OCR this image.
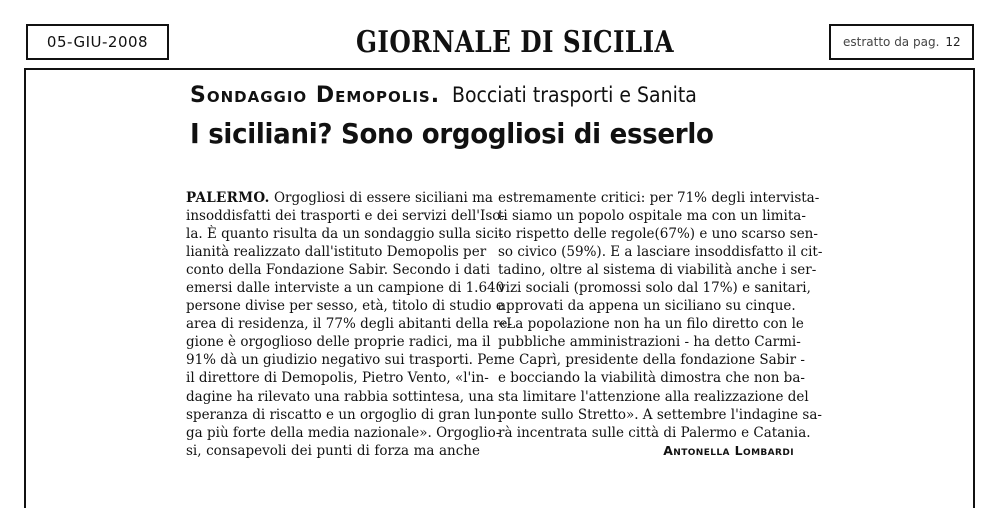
05-GIU-2008	GIORNALE DI SICILIA	estratto da pag. 12
Sondaggio Demopolis. Bocciati trasporti e Sanita
I siciliani? Sono orgogliosi di esserlo

PALERMO. Orgogliosi di essere siciliani ma

insoddisfatti dei trasporti e dei servizi dell'Iso-

la. È quanto risulta da un sondaggio sulla sici-

lianità realizzato dall'istituto Demopolis per

conto della Fondazione Sabir. Secondo i dati

emersi dalle interviste a un campione di 1.640

persone divise per sesso, età, titolo di studio e

area di residenza, il 77% degli abitanti della re-

gione è orgoglioso delle proprie radici, ma il

91% dà un giudizio negativo sui trasporti. Per

il direttore di Demopolis, Pietro Vento, «l'in-

dagine ha rilevato una rabbia sottintesa, una

speranza di riscatto e un orgoglio di gran lun-

ga più forte della media nazionale». Orgoglio-

si, consapevoli dei punti di forza ma anche

estremamente critici: per 71% degli intervista-

ti siamo un popolo ospitale ma con un limita-

to rispetto delle regole(67%) e uno scarso sen-

so civico (59%). E a lasciare insoddisfatto il cit-

tadino, oltre al sistema di viabilità anche i ser-

vizi sociali (promossi solo dal 17%) e sanitari,

approvati da appena un siciliano su cinque.

«La popolazione non ha un filo diretto con le

pubbliche amministrazioni - ha detto Carmi-

ne Caprì, presidente della fondazione Sabir -

e bocciando la viabilità dimostra che non ba-

sta limitare l'attenzione alla realizzazione del

ponte sullo Stretto». A settembre l'indagine sa-

rà incentrata sulle città di Palermo e Catania.

Antonella Lombardi
